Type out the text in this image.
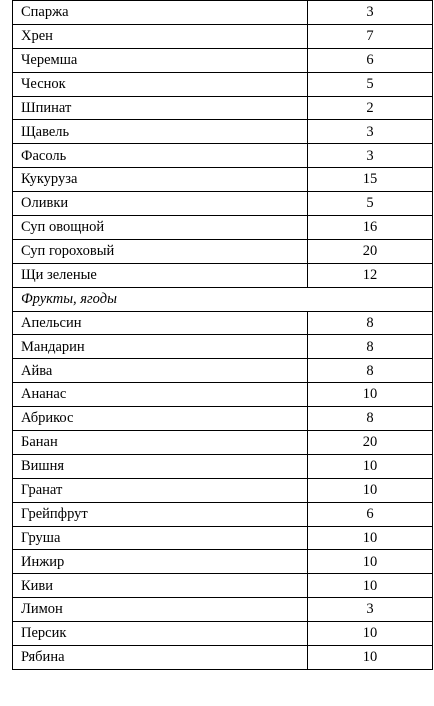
Спаржа	3
Хрен	7
Черемша	6
Чеснок	5
Шпинат	2
Щавель	3
Фасоль	3
Кукуруза	15
Оливки	5
Суп овощной	16
Суп гороховый	20
Щи зеленые	12
Фрукты, ягоды	
Апельсин	8
Мандарин	8
Айва	8
Ананас	10
Абрикос	8
Банан	20
Вишня	10
Гранат	10
Грейпфрут	6
Груша	10
Инжир	10
Киви	10
Лимон	3
Персик	10
Рябина	10
